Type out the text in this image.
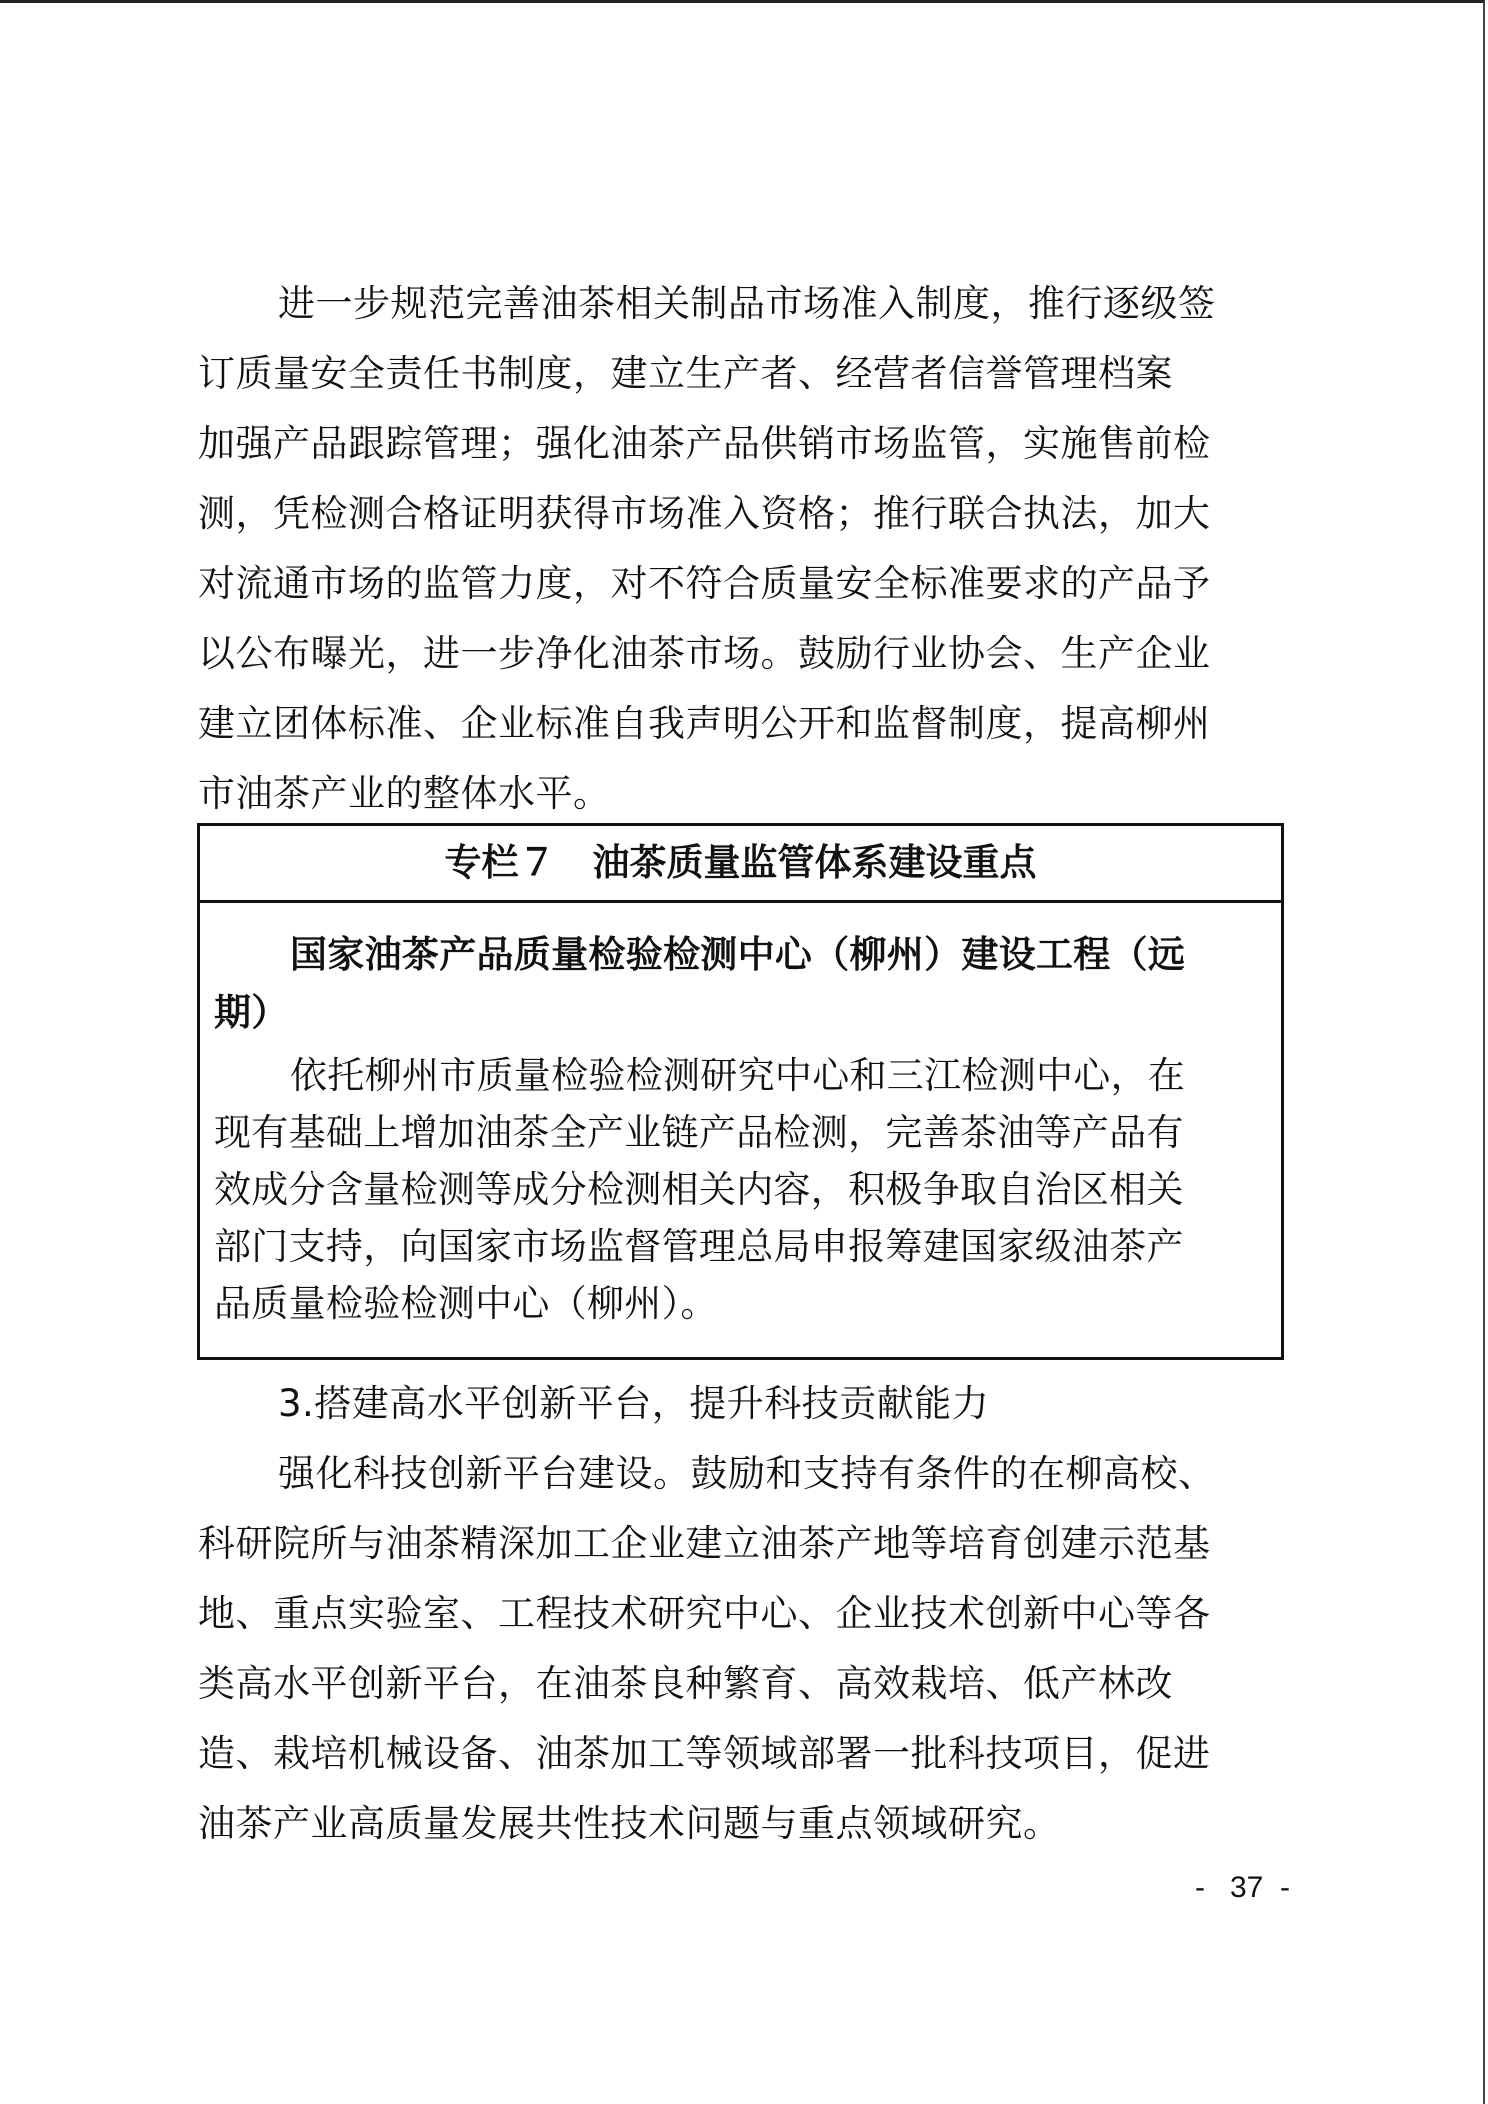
进一步规范完善油茶相关制品市场准入制度，推行逐级签
订质量安全责任书制度，建立生产者、经营者信誉管理档案
加强产品跟踪管理；强化油茶产品供销市场监管，实施售前检
测，凭检测合格证明获得市场准入资格；推行联合执法，加大
对流通市场的监管力度，对不符合质量安全标准要求的产品予
以公布曝光，进一步净化油茶市场。鼓励行业协会、生产企业
建立团体标准、企业标准自我声明公开和监督制度，提高柳州
市油茶产业的整体水平。
专栏７　油茶质量监管体系建设重点
国家油茶产品质量检验检测中心（柳州）建设工程（远
期）
依托柳州市质量检验检测研究中心和三江检测中心，在
现有基础上增加油茶全产业链产品检测，完善茶油等产品有
效成分含量检测等成分检测相关内容，积极争取自治区相关
部门支持，向国家市场监督管理总局申报筹建国家级油茶产
品质量检验检测中心（柳州）。
3.搭建高水平创新平台，提升科技贡献能力
强化科技创新平台建设。鼓励和支持有条件的在柳高校、
科研院所与油茶精深加工企业建立油茶产地等培育创建示范基
地、重点实验室、工程技术研究中心、企业技术创新中心等各
类高水平创新平台，在油茶良种繁育、高效栽培、低产林改
造、栽培机械设备、油茶加工等领域部署一批科技项目，促进
油茶产业高质量发展共性技术问题与重点领域研究。
-   37  -
